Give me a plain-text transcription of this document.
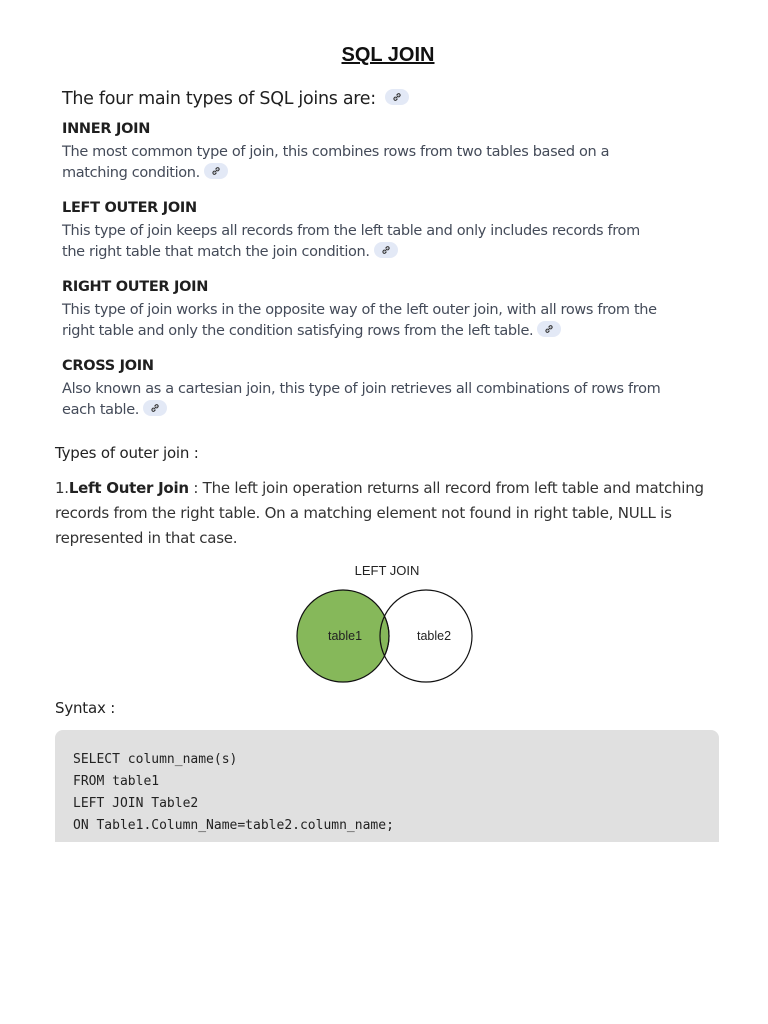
SQL JOIN
The four main types of SQL joins are:
INNER JOIN
The most common type of join, this combines rows from two tables based on a
matching condition.
LEFT OUTER JOIN
This type of join keeps all records from the left table and only includes records from
the right table that match the join condition.
RIGHT OUTER JOIN
This type of join works in the opposite way of the left outer join, with all rows from the
right table and only the condition satisfying rows from the left table.
CROSS JOIN
Also known as a cartesian join, this type of join retrieves all combinations of rows from
each table.
Types of outer join :
1.Left Outer Join : The left join operation returns all record from left table and matching
records from the right table. On a matching element not found in right table, NULL is
represented in that case.
LEFT JOIN
table1	table2
Syntax :
SELECT column_name(s)
FROM table1
LEFT JOIN Table2
ON Table1.Column_Name=table2.column_name;
